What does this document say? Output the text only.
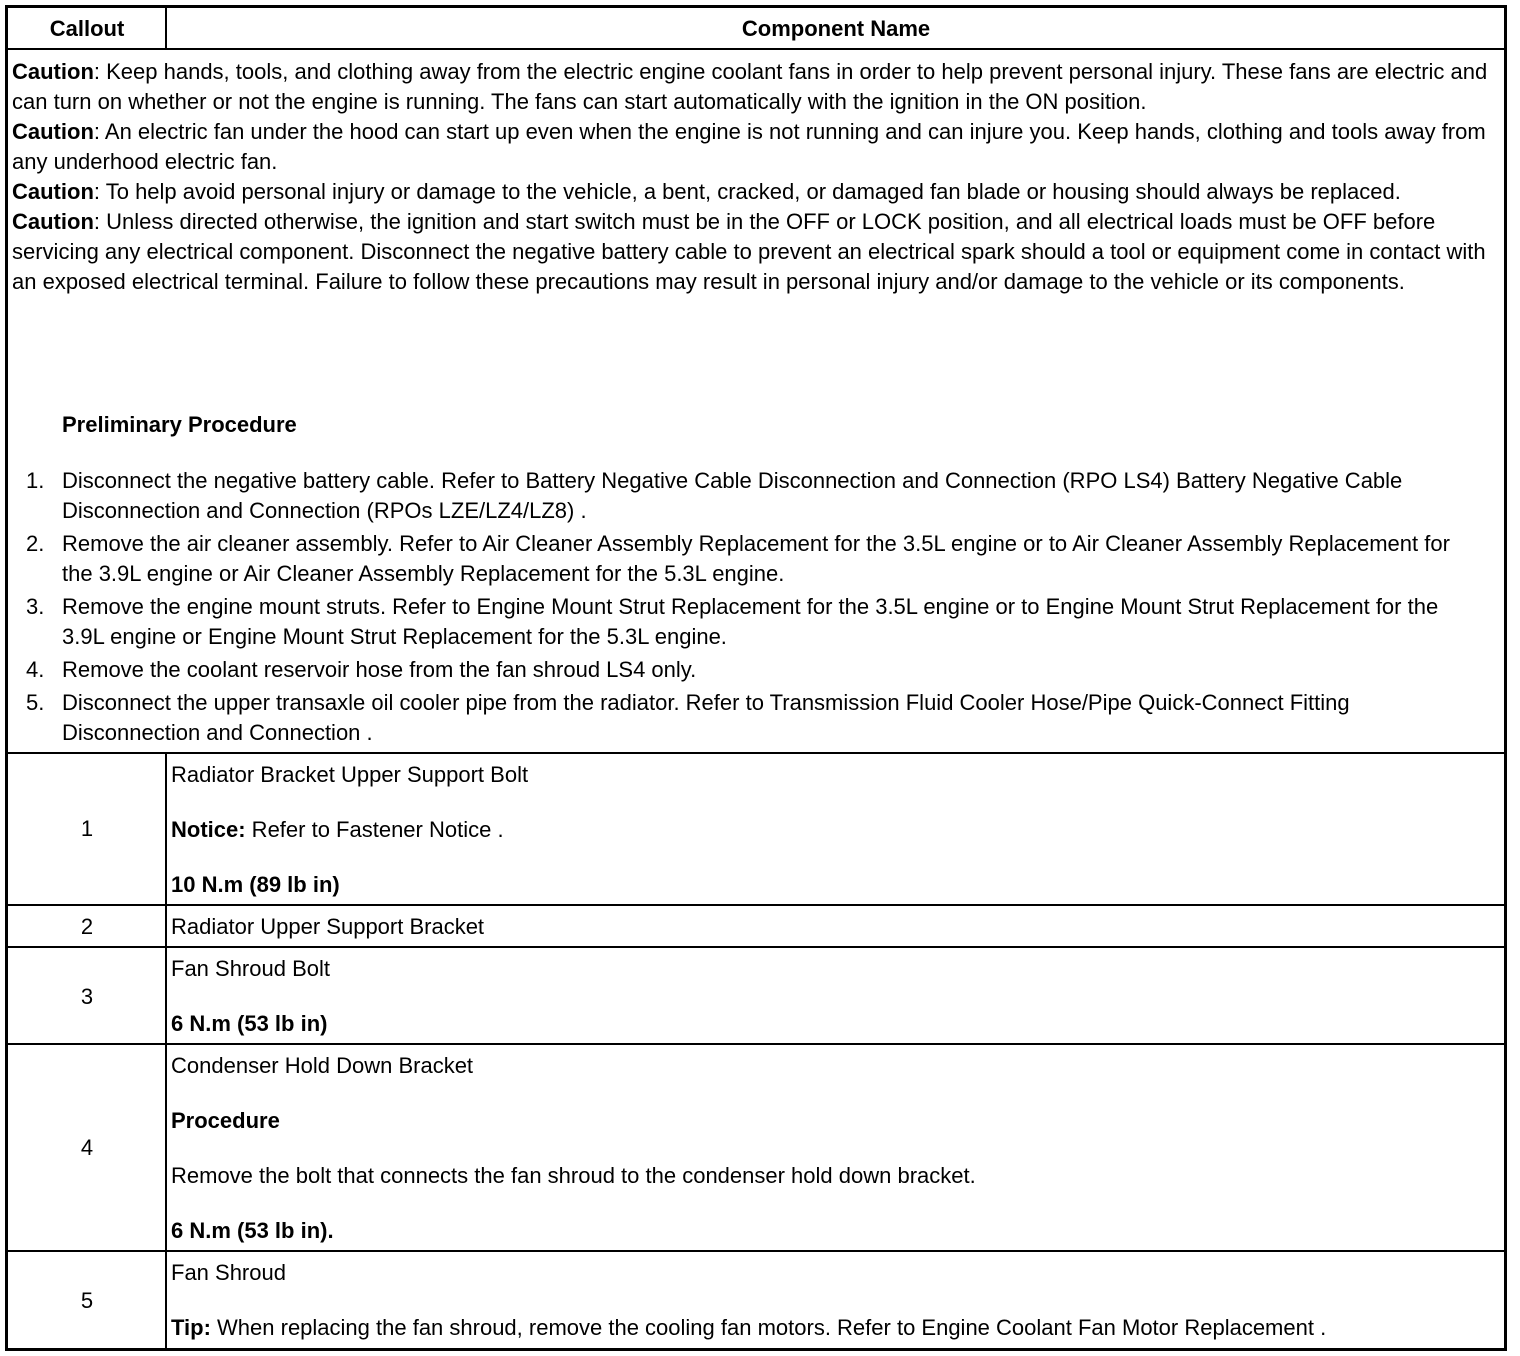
Callout	Component Name

Caution: Keep hands, tools, and clothing away from the electric engine coolant fans in order to help prevent personal injury. These fans are electric and can turn on whether or not the engine is running. The fans can start automatically with the ignition in the ON position.

Caution: An electric fan under the hood can start up even when the engine is not running and can injure you. Keep hands, clothing and tools away from any underhood electric fan.

Caution: To help avoid personal injury or damage to the vehicle, a bent, cracked, or damaged fan blade or housing should always be replaced.

Caution: Unless directed otherwise, the ignition and start switch must be in the OFF or LOCK position, and all electrical loads must be OFF before servicing any electrical component. Disconnect the negative battery cable to prevent an electrical spark should a tool or equipment come in contact with an exposed electrical terminal. Failure to follow these precautions may result in personal injury and/or damage to the vehicle or its components.

Preliminary Procedure
1. Disconnect the negative battery cable. Refer to Battery Negative Cable Disconnection and Connection (RPO LS4) Battery Negative Cable Disconnection and Connection (RPOs LZE/LZ4/LZ8) .
2. Remove the air cleaner assembly. Refer to Air Cleaner Assembly Replacement for the 3.5L engine or to Air Cleaner Assembly Replacement for the 3.9L engine or Air Cleaner Assembly Replacement for the 5.3L engine.
3. Remove the engine mount struts. Refer to Engine Mount Strut Replacement for the 3.5L engine or to Engine Mount Strut Replacement for the 3.9L engine or Engine Mount Strut Replacement for the 5.3L engine.
4. Remove the coolant reservoir hose from the fan shroud LS4 only.
5. Disconnect the upper transaxle oil cooler pipe from the radiator. Refer to Transmission Fluid Cooler Hose/Pipe Quick-Connect Fitting Disconnection and Connection .
1
Radiator Bracket Upper Support Bolt
Notice: Refer to Fastener Notice .
10 N.m (89 lb in)
2	Radiator Upper Support Bracket
3
Fan Shroud Bolt
6 N.m (53 lb in)
4
Condenser Hold Down Bracket
Procedure
Remove the bolt that connects the fan shroud to the condenser hold down bracket.
6 N.m (53 lb in).
5
Fan Shroud
Tip: When replacing the fan shroud, remove the cooling fan motors. Refer to Engine Coolant Fan Motor Replacement .
